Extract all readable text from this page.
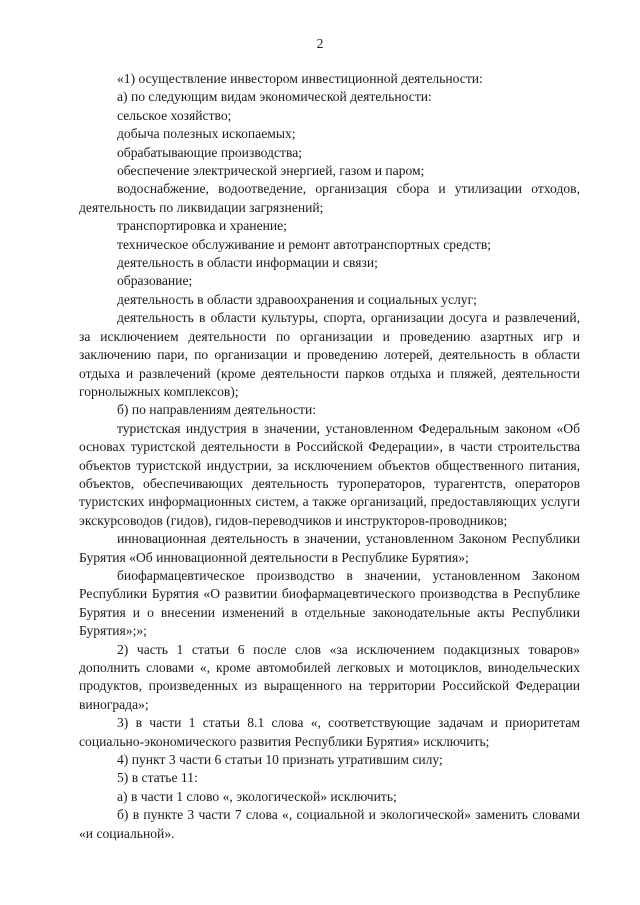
2

«1) осуществление инвестором инвестиционной деятельности:

а) по следующим видам экономической деятельности:

сельское хозяйство;

добыча полезных ископаемых;

обрабатывающие производства;

обеспечение электрической энергией, газом и паром;

водоснабжение, водоотведение, организация сбора и утилизации отходов, деятельность по ликвидации загрязнений;

транспортировка и хранение;

техническое обслуживание и ремонт автотранспортных средств;

деятельность в области информации и связи;

образование;

деятельность в области здравоохранения и социальных услуг;

деятельность в области культуры, спорта, организации досуга и развлечений, за исключением деятельности по организации и проведению азартных игр и заключению пари, по организации и проведению лотерей, деятельность в области отдыха и развлечений (кроме деятельности парков отдыха и пляжей, деятельности горнолыжных комплексов);

б) по направлениям деятельности:

туристская индустрия в значении, установленном Федеральным законом «Об основах туристской деятельности в Российской Федерации», в части строительства объектов туристской индустрии, за исключением объектов общественного питания, объектов, обеспечивающих деятельность туроператоров, турагентств, операторов туристских информационных систем, а также организаций, предоставляющих услуги экскурсоводов (гидов), гидов-переводчиков и инструкторов-проводников;

инновационная деятельность в значении, установленном Законом Республики Бурятия «Об инновационной деятельности в Республике Бурятия»;

биофармацевтическое производство в значении, установленном Законом Республики Бурятия «О развитии биофармацевтического производства в Республике Бурятия и о внесении изменений в отдельные законодательные акты Республики Бурятия»;»;

2) часть 1 статьи 6 после слов «за исключением подакцизных товаров» дополнить словами «, кроме автомобилей легковых и мотоциклов, винодельческих продуктов, произведенных из выращенного на территории Российской Федерации винограда»;

3) в части 1 статьи 8.1 слова «, соответствующие задачам и приоритетам социально-экономического развития Республики Бурятия» исключить;

4) пункт 3 части 6 статьи 10 признать утратившим силу;

5) в статье 11:

а) в части 1 слово «, экологической» исключить;

б) в пункте 3 части 7 слова «, социальной и экологической» заменить словами «и социальной».
